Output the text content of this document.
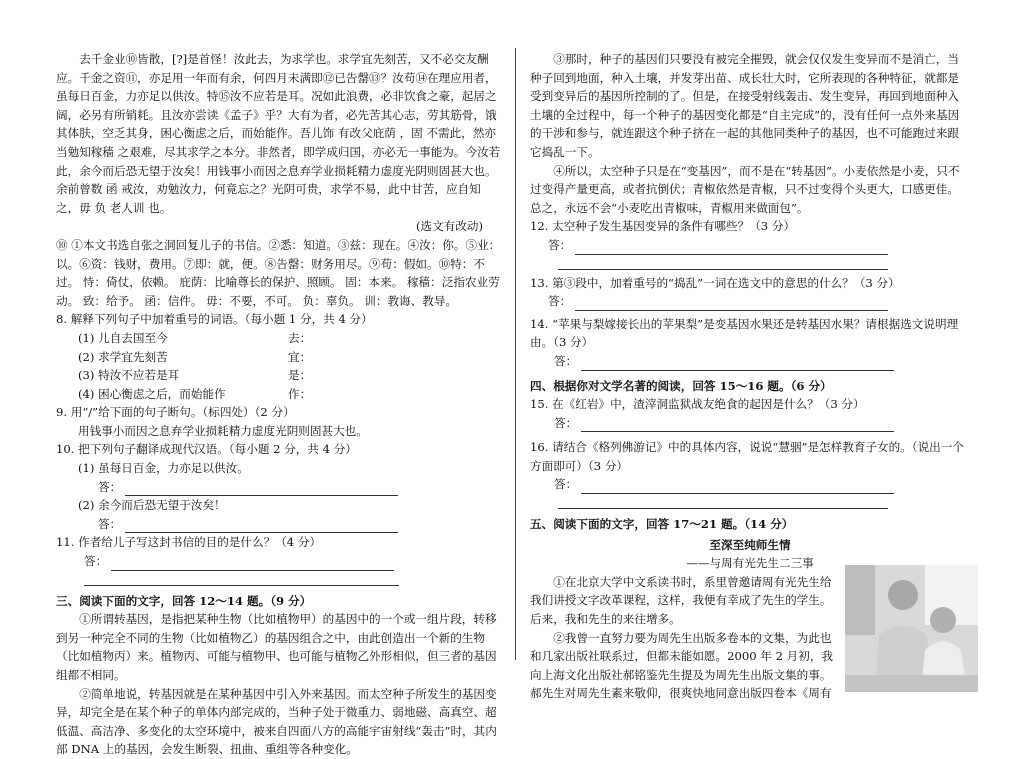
去千金业⑩皆散，[?]是首怪！汝此去，为求学也。求学宜先刻苦，又不必交友酬应。千金之资⑪，亦足用一年而有余，何四月未满即⑫已告罄⑬？汝苟⑭在理应用者，虽每日百金，力亦足以供汝。特⑮汝不应若是耳。况如此浪费，必非饮食之豪，起居之阔，必另有所销耗。且汝亦尝读《孟子》乎？大有为者，必先苦其心志，劳其筋骨，饿其体肤，空乏其身，困心衡虑之后，而始能作。吾儿饰 有改父庇荫 ，固 不需此，然亦当勉知稼穑 之艰难，尽其求学之本分。非然者，即学成归国，亦必无一事能为。今汝若此，余今而后恐无望于汝矣！用钱事小而因之息弃学业损耗精力虚度光阴则固甚大也。余前曾数 函 戒汝，劝勉汝力，何竟忘之？光阴可贵，求学不易，此中甘苦，应自知之，毋 负 老人训 也。

(选文有改动)

⑩ ①本文书选自张之洞回复儿子的书信。②悉：知道。③兹：现在。④汝：你。⑤业：以。⑥资：钱财，费用。⑦即：就，便。⑧告罄：财务用尽。⑨苟：假如。⑩特：不过。 恃：倚仗，依赖。 庇荫：比喻尊长的保护、照顾。 固：本来。 稼穑：泛指农业劳动。 致：给予。 函：信件。 毋：不要，不可。 负：辜负。 训：教诲、教导。

8. 解释下列句子中加着重号的词语。（每小题 1 分，共 4 分）

(1) 儿自去国至今	去：
(2) 求学宜先刻苦	宜：
(3) 特汝不应若是耳	是：
(4) 困心衡虑之后，而始能作	作：

9. 用“/”给下面的句子断句。（标四处）（2 分）

用钱事小而因之息弃学业损耗精力虚度光阴则固甚大也。

10. 把下列句子翻译成现代汉语。（每小题 2 分，共 4 分）

(1) 虽每日百金，力亦足以供汝。

答：

(2) 余今而后恐无望于汝矣！

答：

11. 作者给儿子写这封书信的目的是什么？（4 分）

答：

三、阅读下面的文字，回答 12～14 题。（9 分）

①所谓转基因，是指把某种生物（比如植物甲）的基因中的一个或一组片段，转移到另一种完全不同的生物（比如植物乙）的基因组合之中，由此创造出一个新的生物（比如植物丙）来。植物丙、可能与植物甲、也可能与植物乙外形相似，但三者的基因组都不相同。

②简单地说，转基因就是在某种基因中引入外来基因。而太空种子所发生的基因变异，却完全是在某个种子的单体内部完成的，当种子处于微重力、弱地磁、高真空、超低温、高洁净、多变化的太空环境中，被来自四面八方的高能宇宙射线“轰击”时，其内部 DNA 上的基因，会发生断裂、扭曲、重组等各种变化。

③那时，种子的基因们只要没有被完全摧毁，就会仅仅发生变异而不是消亡，当种子回到地面，种入土壤，并发芽出苗、成长壮大时，它所表现的各种特征，就都是受到变异后的基因所控制的了。但是，在接受射线轰击、发生变异，再回到地面种入土壤的全过程中，每一个种子的基因变化都是“自主完成”的，没有任何一点外来基因的干涉和参与，就连跟这个种子挤在一起的其他同类种子的基因，也不可能跑过来跟它捣乱一下。

④所以，太空种子只是在“变基因”，而不是在“转基因”。小麦依然是小麦，只不过变得产量更高，或者抗倒伏；青椒依然是青椒，只不过变得个头更大，口感更佳。总之，永远不会“小麦吃出青椒味，青椒用来做面包”。

12. 太空种子发生基因变异的条件有哪些？（3 分）

答：

13. 第③段中，加着重号的“捣乱”一词在选文中的意思的什么？（3 分）

答：

14. “苹果与梨嫁接长出的苹果梨”是变基因水果还是转基因水果？请根据选文说明理由。（3 分）

答：

四、根据你对文学名著的阅读，回答 15～16 题。（6 分）

15. 在《红岩》中，渣滓洞监狱战友绝食的起因是什么？（3 分）

答：

16. 请结合《格列佛游记》中的具体内容，说说“慧骃”是怎样教育子女的。（说出一个方面即可）（3 分）

答：

五、阅读下面的文字，回答 17～21 题。（14 分）

至深至纯师生情

——与周有光先生二三事

①在北京大学中文系读书时，系里曾邀请周有光先生给我们讲授文字改革课程，这样，我便有幸成了先生的学生。后来，我和先生的来往增多。

②我曾一直努力要为周先生出版多卷本的文集，为此也和几家出版社联系过，但都未能如愿。2000 年 2 月初，我向上海文化出版社郝铭鉴先生提及为周先生出版文集的事。郝先生对周先生素来敬仰，很爽快地同意出版四卷本《周有
